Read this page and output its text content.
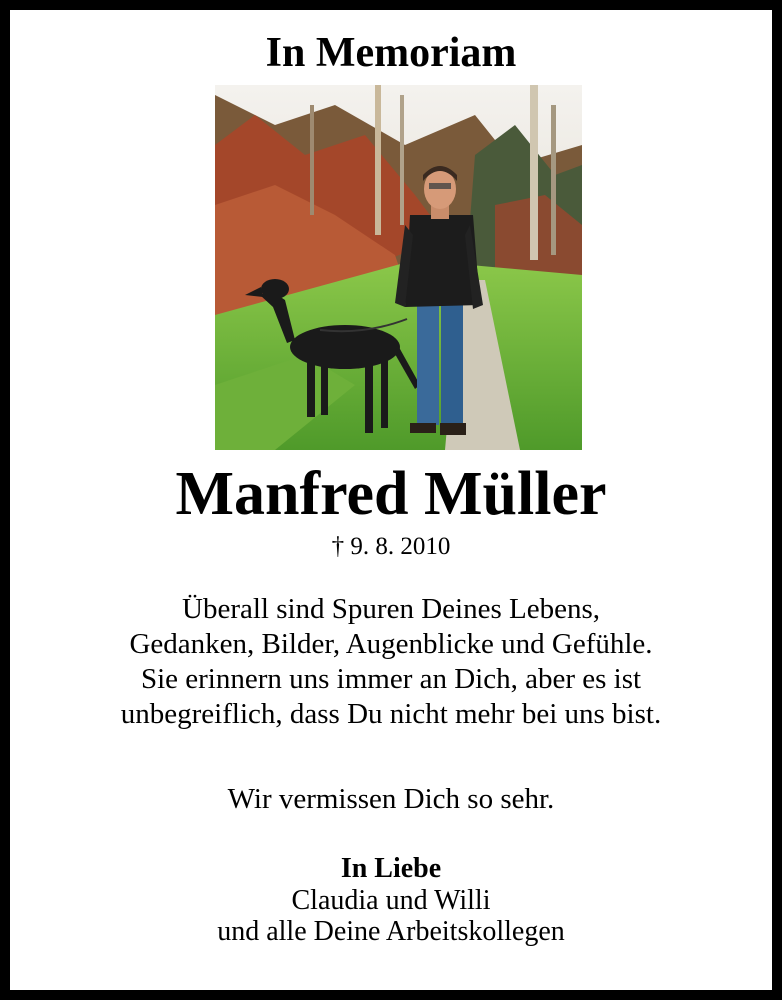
In Memoriam
Manfred Müller
† 9. 8. 2010
Überall sind Spuren Deines Lebens,
Gedanken, Bilder, Augenblicke und Gefühle.
Sie erinnern uns immer an Dich, aber es ist
unbegreiflich, dass Du nicht mehr bei uns bist.
Wir vermissen Dich so sehr.
In Liebe
Claudia und Willi
und alle Deine Arbeitskollegen
